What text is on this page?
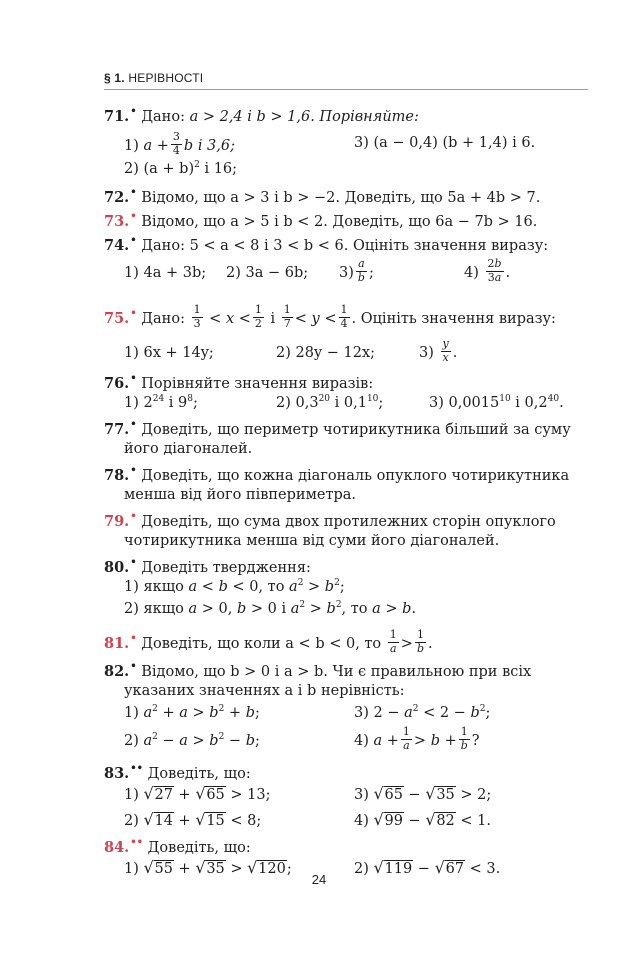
§ 1. НЕРІВНОСТІ
71.• Дано: a > 2,4 і b > 1,6. Порівняйте:
1) $a + \frac{3}{4}$ b і 3,6;	3) (a − 0,4) (b + 1,4) і 6.
2) $(a + b)^2$ і 16;
72.• Відомо, що a > 3 і b > −2. Доведіть, що 5a + 4b > 7.
73.• Відомо, що a > 5 і b < 2. Доведіть, що 6a − 7b > 16.
74.• Дано: 5 < a < 8 і 3 < b < 6. Оцініть значення виразу:
1) 4a + 3b; 2) 3a − 6b; $3) \frac{a}{b}$ ;	$4) \frac{2b}{3a}$ .
75.• Дано: $\frac{1}{3} < x < \frac{1}{2}$ і $\frac{1}{7} < y < \frac{1}{4}$ . Оцініть значення виразу:
1) 6x + 14y;	2) 28y − 12x;	$3) \frac{y}{x}$ .
76.• Порівняйте значення виразів:
1) $2^{24}$ і $9^8$;	2) $0,3^{20}$ і $0,1^{10}$;	3) 0,0015$^{10}$ і $0,2^{40}$.
77.• Доведіть, що периметр чотирикутника більший за суму
його діагоналей.
78.• Доведіть, що кожна діагональ опуклого чотирикутника
менша від його півпериметра.
79.• Доведіть, що сума двох протилежних сторін опуклого
чотирикутника менша від суми його діагоналей.
80.• Доведіть твердження:
1) якщо a < b < 0, то $a^2 > b^2$;
2) якщо a > 0, b > 0 і $a^2 > b^2$, то a > b.
81.• Доведіть, що коли a < b < 0, то $\frac{1}{a} > \frac{1}{b}$ .
82.• Відомо, що b > 0 і a > b. Чи є правильною при всіх
указаних значеннях a і b нерівність:
1) $a^2 + a > b^2 + b$;	3) $2 - a^2 < 2 - b^2$;
2) $a^2 - a > b^2 - b$;	4) $a + \frac{1}{a} > b + \frac{1}{b}$ ?
83.•• Доведіть, що:
1) √ 27 + √ 65 > 13;	3) √ 65 − √ 35 > 2;
2) √ 14 + √ 15 < 8;	4) √ 99 − √ 82 < 1.
84.•• Доведіть, що:
1) √ 55 + √ 35 > √ 120;	2) √ 119 − √ 67 < 3.
24
